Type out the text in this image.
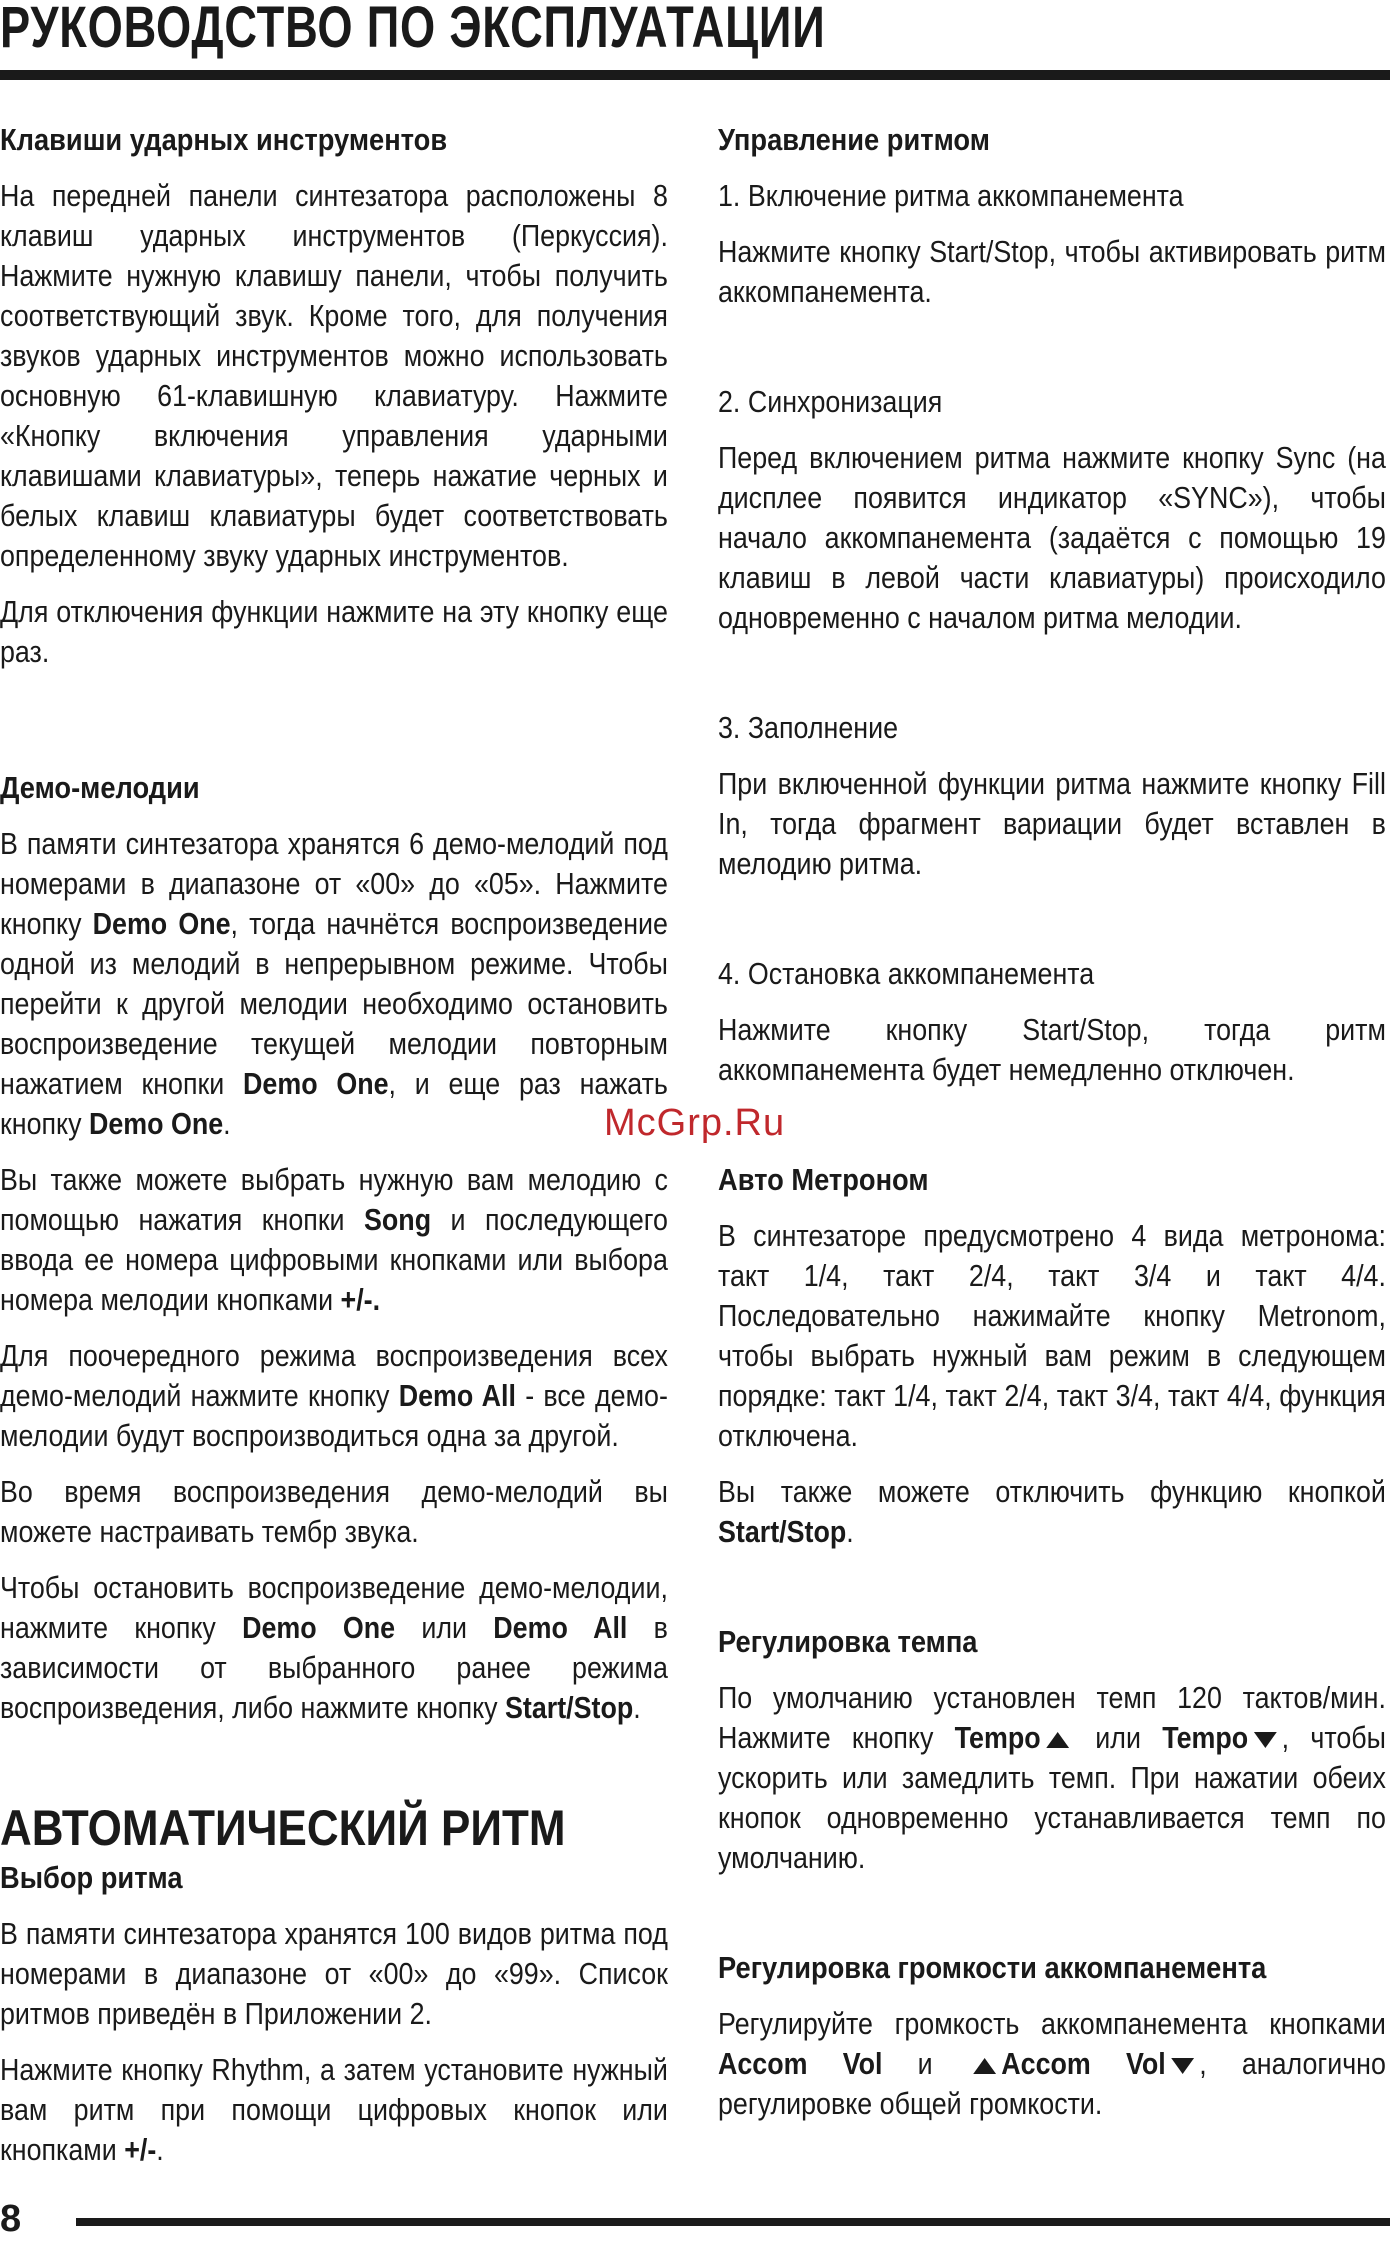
РУКОВОДСТВО ПО ЭКСПЛУАТАЦИИ
Клавиши ударных инструментов

На передней панели синтезатора расположены 8 клавиш ударных инструментов (Перкуссия). Нажмите нужную клавишу панели, чтобы получить соответствующий звук. Кроме того, для получения звуков ударных инструментов можно использовать основную 61-клавишную клавиатуру. Нажмите «Кнопку включения управления ударными клавишами клавиатуры», теперь нажатие черных и белых клавиш клавиатуры будет соответствовать определенному звуку ударных инструментов.

Для отключения функции нажмите на эту кнопку еще раз.

Демо-мелодии

В памяти синтезатора хранятся 6 демо-мелодий под номерами в диапазоне от «00» до «05». Нажмите кнопку Demo One, тогда начнётся воспроизведение одной из мелодий в непрерывном режиме. Чтобы перейти к другой мелодии необходимо остановить воспроизведение текущей мелодии повторным нажатием кнопки Demo One, и еще раз нажать кнопку Demo One.

Вы также можете выбрать нужную вам мелодию с помощью нажатия кнопки Song и последующего ввода ее номера цифровыми кнопками или выбора номера мелодии кнопками +/-.

Для поочередного режима воспроизведения всех демо-мелодий нажмите кнопку Demo All - все демо-мелодии будут воспроизводиться одна за другой.

Во время воспроизведения демо-мелодий вы можете настраивать тембр звука.

Чтобы остановить воспроизведение демо-мелодии, нажмите кнопку Demo One или Demo All в зависимости от выбранного ранее режима воспроизведения, либо нажмите кнопку Start/Stop.

АВТОМАТИЧЕСКИЙ РИТМ
Выбор ритма

В памяти синтезатора хранятся 100 видов ритма под номерами в диапазоне от «00» до «99». Список ритмов приведён в Приложении 2.

Нажмите кнопку Rhythm, а затем установите нужный вам ритм при помощи цифровых кнопок или кнопками +/-.

Управление ритмом

1. Включение ритма аккомпанемента

Нажмите кнопку Start/Stop, чтобы активировать ритм аккомпанемента.

2. Синхронизация

Перед включением ритма нажмите кнопку Sync (на дисплее появится индикатор «SYNC»), чтобы начало аккомпанемента (задаётся с помощью 19 клавиш в левой части клавиатуры) происходило одновременно с началом ритма мелодии.

3. Заполнение

При включенной функции ритма нажмите кнопку Fill In, тогда фрагмент вариации будет вставлен в мелодию ритма.

4. Остановка аккомпанемента

Нажмите кнопку Start/Stop, тогда ритм аккомпанемента будет немедленно отключен.

Авто Метроном

В синтезаторе предусмотрено 4 вида метронома: такт 1/4, такт 2/4, такт 3/4 и такт 4/4. Последовательно нажимайте кнопку Metronom, чтобы выбрать нужный вам режим в следующем порядке: такт 1/4, такт 2/4, такт 3/4, такт 4/4, функция отключена.

Вы также можете отключить функцию кнопкой Start/Stop.

Регулировка темпа

По умолчанию установлен темп 120 тактов/мин. Нажмите кнопку Tempo или Tempo , чтобы ускорить или замедлить темп. При нажатии обеих кнопок одновременно устанавливается темп по умолчанию.

Регулировка громкости аккомпанемента

Регулируйте громкость аккомпанемента кнопками Accom Vol и Accom Vol , аналогично регулировке общей громкости.

McGrp.Ru
8
